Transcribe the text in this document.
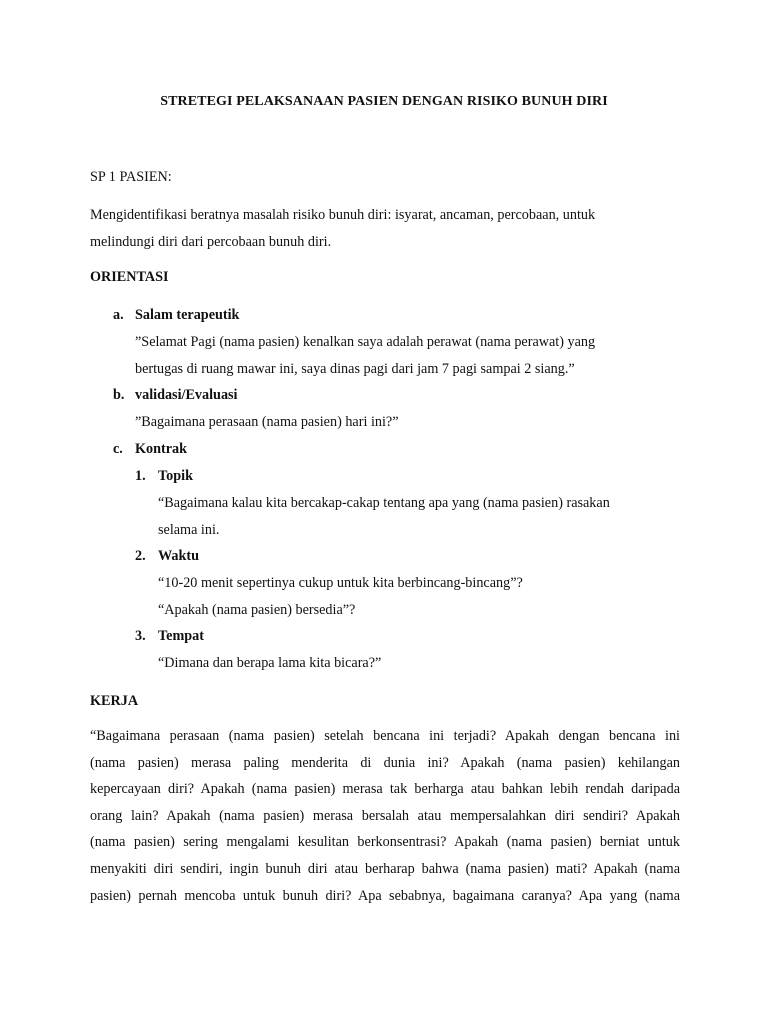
STRETEGI PELAKSANAAN PASIEN DENGAN RISIKO BUNUH DIRI
SP 1 PASIEN:
Mengidentifikasi beratnya masalah risiko bunuh diri: isyarat, ancaman, percobaan, untuk
melindungi diri dari percobaan bunuh diri.
ORIENTASI
a. Salam terapeutik
”Selamat Pagi (nama pasien) kenalkan saya adalah perawat (nama perawat) yang
bertugas di ruang mawar ini, saya dinas pagi dari jam 7 pagi sampai 2 siang.”
b. validasi/Evaluasi
”Bagaimana perasaan (nama pasien) hari ini?”
c. Kontrak
1. Topik
“Bagaimana kalau kita bercakap-cakap tentang apa yang (nama pasien) rasakan
selama ini.
2. Waktu
“10-20 menit sepertinya cukup untuk kita berbincang-bincang”?
“Apakah (nama pasien) bersedia”?
3. Tempat
“Dimana dan berapa lama kita bicara?”
KERJA
“Bagaimana perasaan (nama pasien) setelah bencana ini terjadi? Apakah dengan bencana ini
(nama pasien) merasa paling menderita di dunia ini? Apakah (nama pasien) kehilangan
kepercayaan diri? Apakah (nama pasien) merasa tak berharga atau bahkan lebih rendah daripada
orang lain? Apakah (nama pasien) merasa bersalah atau mempersalahkan diri sendiri? Apakah
(nama pasien) sering mengalami kesulitan berkonsentrasi? Apakah (nama pasien) berniat untuk
menyakiti diri sendiri, ingin bunuh diri atau berharap bahwa (nama pasien) mati? Apakah (nama
pasien) pernah mencoba untuk bunuh diri? Apa sebabnya, bagaimana caranya? Apa yang (nama
